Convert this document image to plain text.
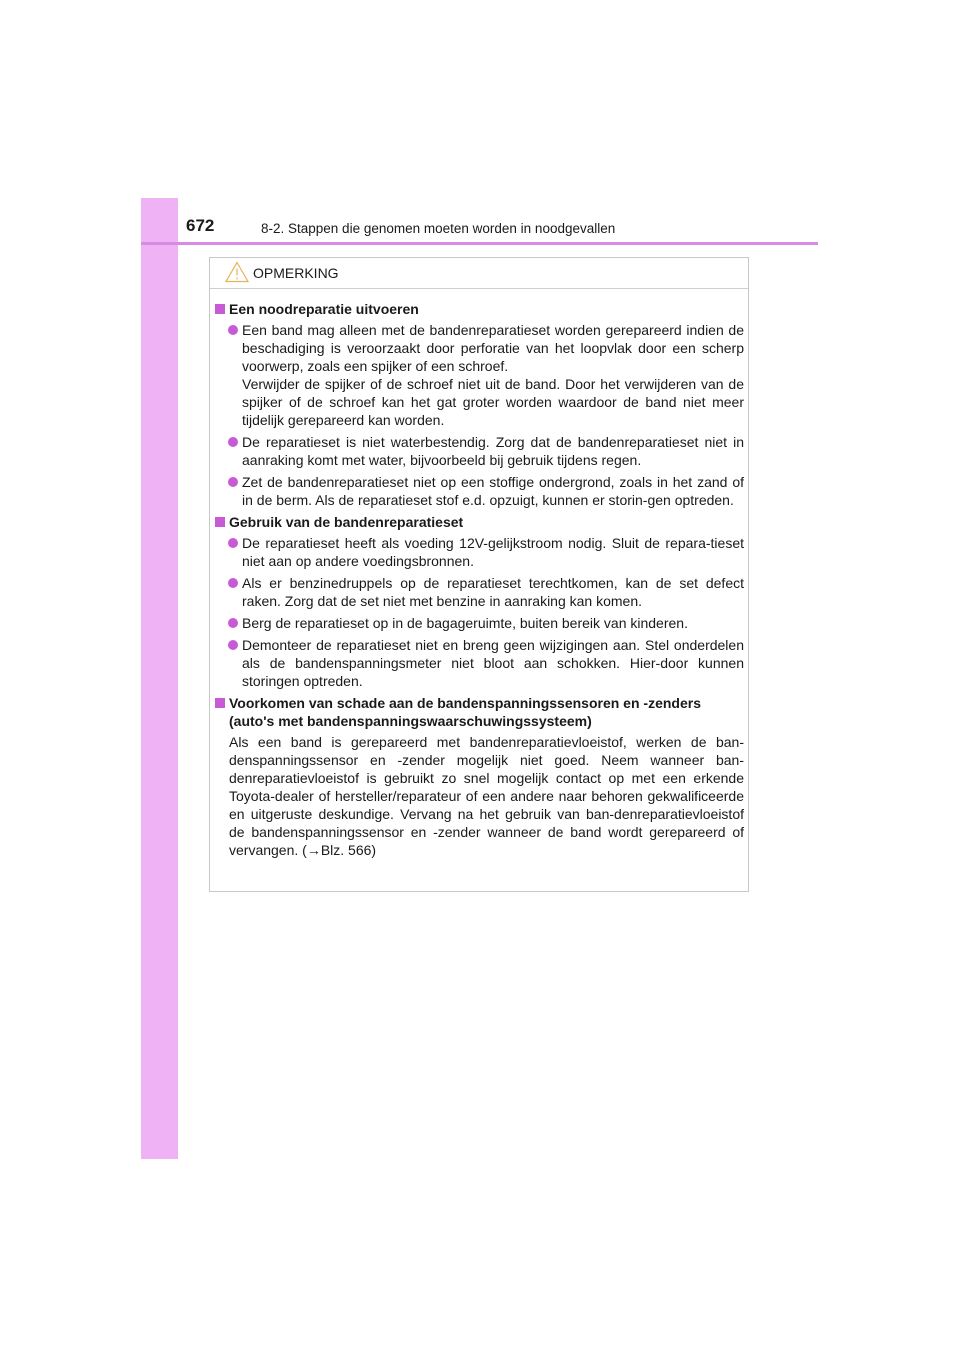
672	8-2. Stappen die genomen moeten worden in noodgevallen
OPMERKING
Een noodreparatie uitvoeren

Een band mag alleen met de bandenreparatieset worden gerepareerd indien de beschadiging is veroorzaakt door perforatie van het loopvlak door een scherp voorwerp, zoals een spijker of een schroef.

Verwijder de spijker of de schroef niet uit de band. Door het verwijderen van de spijker of de schroef kan het gat groter worden waardoor de band niet meer tijdelijk gerepareerd kan worden.

De reparatieset is niet waterbestendig. Zorg dat de bandenreparatieset niet in aanraking komt met water, bijvoorbeeld bij gebruik tijdens regen.

Zet de bandenreparatieset niet op een stoffige ondergrond, zoals in het zand of in de berm. Als de reparatieset stof e.d. opzuigt, kunnen er storin-gen optreden.

Gebruik van de bandenreparatieset

De reparatieset heeft als voeding 12V-gelijkstroom nodig. Sluit de repara-tieset niet aan op andere voedingsbronnen.

Als er benzinedruppels op de reparatieset terechtkomen, kan de set defect raken. Zorg dat de set niet met benzine in aanraking kan komen.

Berg de reparatieset op in de bagageruimte, buiten bereik van kinderen.

Demonteer de reparatieset niet en breng geen wijzigingen aan. Stel onderdelen als de bandenspanningsmeter niet bloot aan schokken. Hier-door kunnen storingen optreden.

Voorkomen van schade aan de bandenspanningssensoren en -zenders (auto's met bandenspanningswaarschuwingssysteem)

Als een band is gerepareerd met bandenreparatievloeistof, werken de ban-denspanningssensor en -zender mogelijk niet goed. Neem wanneer ban-denreparatievloeistof is gebruikt zo snel mogelijk contact op met een erkende Toyota-dealer of hersteller/reparateur of een andere naar behoren gekwalificeerde en uitgeruste deskundige. Vervang na het gebruik van ban-denreparatievloeistof de bandenspanningssensor en -zender wanneer de band wordt gerepareerd of vervangen. (→Blz. 566)
